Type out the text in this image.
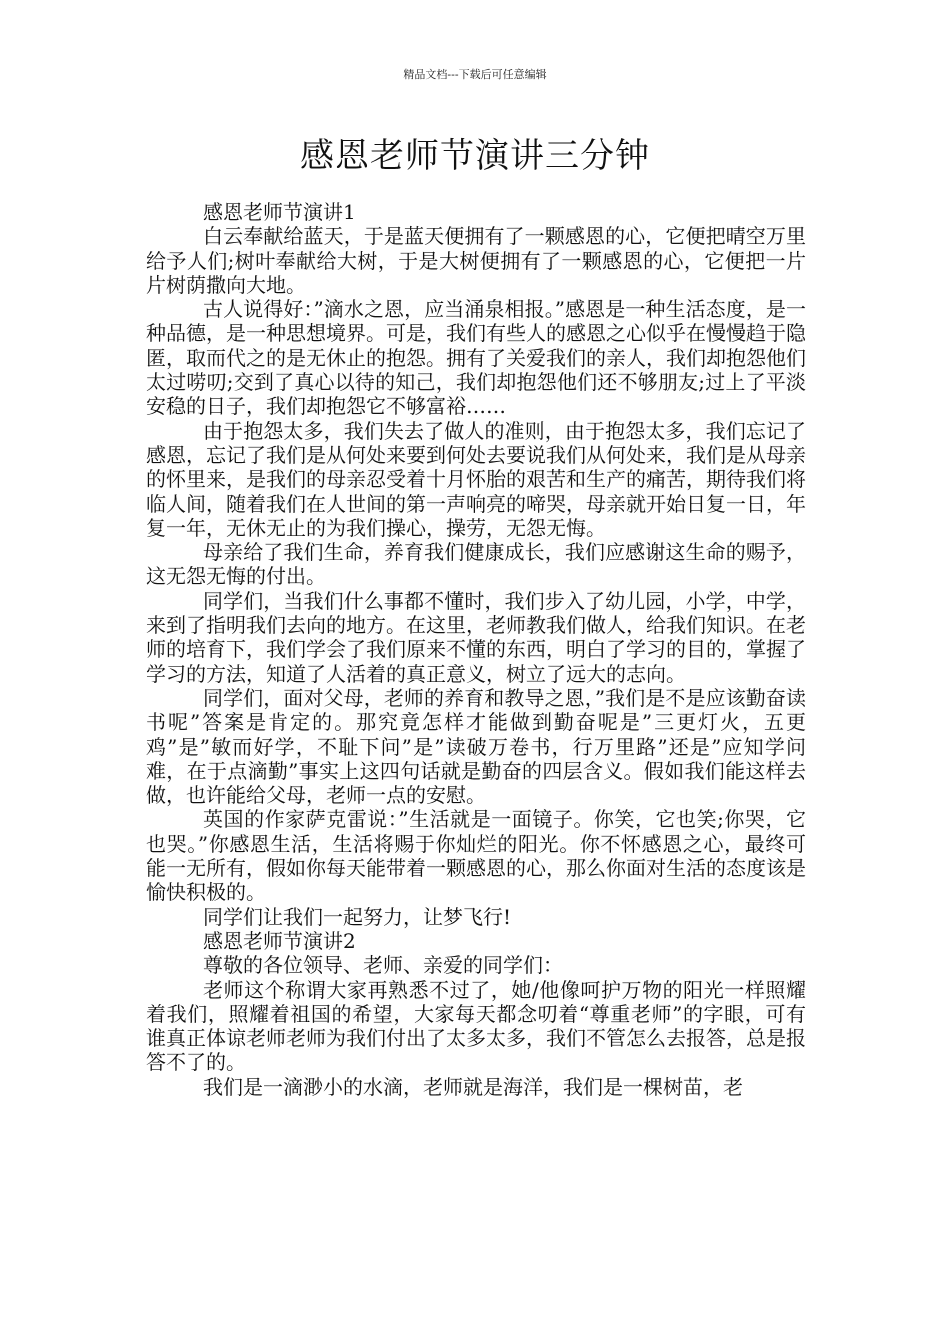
精品文档---下载后可任意编辑
感恩老师节演讲三分钟

感恩老师节演讲1

白云奉献给蓝天，于是蓝天便拥有了一颗感恩的心，它便把晴空万里给予人们;树叶奉献给大树，于是大树便拥有了一颗感恩的心，它便把一片片树荫撒向大地。

古人说得好：”滴水之恩，应当涌泉相报。”感恩是一种生活态度，是一种品德，是一种思想境界。可是，我们有些人的感恩之心似乎在慢慢趋于隐匿，取而代之的是无休止的抱怨。拥有了关爱我们的亲人，我们却抱怨他们太过唠叨;交到了真心以待的知己，我们却抱怨他们还不够朋友;过上了平淡安稳的日子，我们却抱怨它不够富裕……

由于抱怨太多，我们失去了做人的准则，由于抱怨太多，我们忘记了感恩，忘记了我们是从何处来要到何处去要说我们从何处来，我们是从母亲的怀里来，是我们的母亲忍受着十月怀胎的艰苦和生产的痛苦，期待我们将临人间，随着我们在人世间的第一声响亮的啼哭，母亲就开始日复一日，年复一年，无休无止的为我们操心，操劳，无怨无悔。

母亲给了我们生命，养育我们健康成长，我们应感谢这生命的赐予，这无怨无悔的付出。

同学们，当我们什么事都不懂时，我们步入了幼儿园，小学，中学，来到了指明我们去向的地方。在这里，老师教我们做人，给我们知识。在老师的培育下，我们学会了我们原来不懂的东西，明白了学习的目的，掌握了学习的方法，知道了人活着的真正意义，树立了远大的志向。

同学们，面对父母，老师的养育和教导之恩，”我们是不是应该勤奋读书呢”答案是肯定的。那究竟怎样才能做到勤奋呢是”三更灯火，五更鸡”是”敏而好学，不耻下问”是”读破万卷书，行万里路”还是”应知学问难，在于点滴勤”事实上这四句话就是勤奋的四层含义。假如我们能这样去做，也许能给父母，老师一点的安慰。

英国的作家萨克雷说：”生活就是一面镜子。你笑，它也笑;你哭，它也哭。”你感恩生活，生活将赐于你灿烂的阳光。你不怀感恩之心，最终可能一无所有，假如你每天能带着一颗感恩的心，那么你面对生活的态度该是愉快积极的。

同学们让我们一起努力，让梦飞行!

感恩老师节演讲2

尊敬的各位领导、老师、亲爱的同学们：

老师这个称谓大家再熟悉不过了，她/他像呵护万物的阳光一样照耀着我们，照耀着祖国的希望，大家每天都念叨着“尊重老师”的字眼，可有谁真正体谅老师老师为我们付出了太多太多，我们不管怎么去报答，总是报答不了的。

我们是一滴渺小的水滴，老师就是海洋，我们是一棵树苗，老
